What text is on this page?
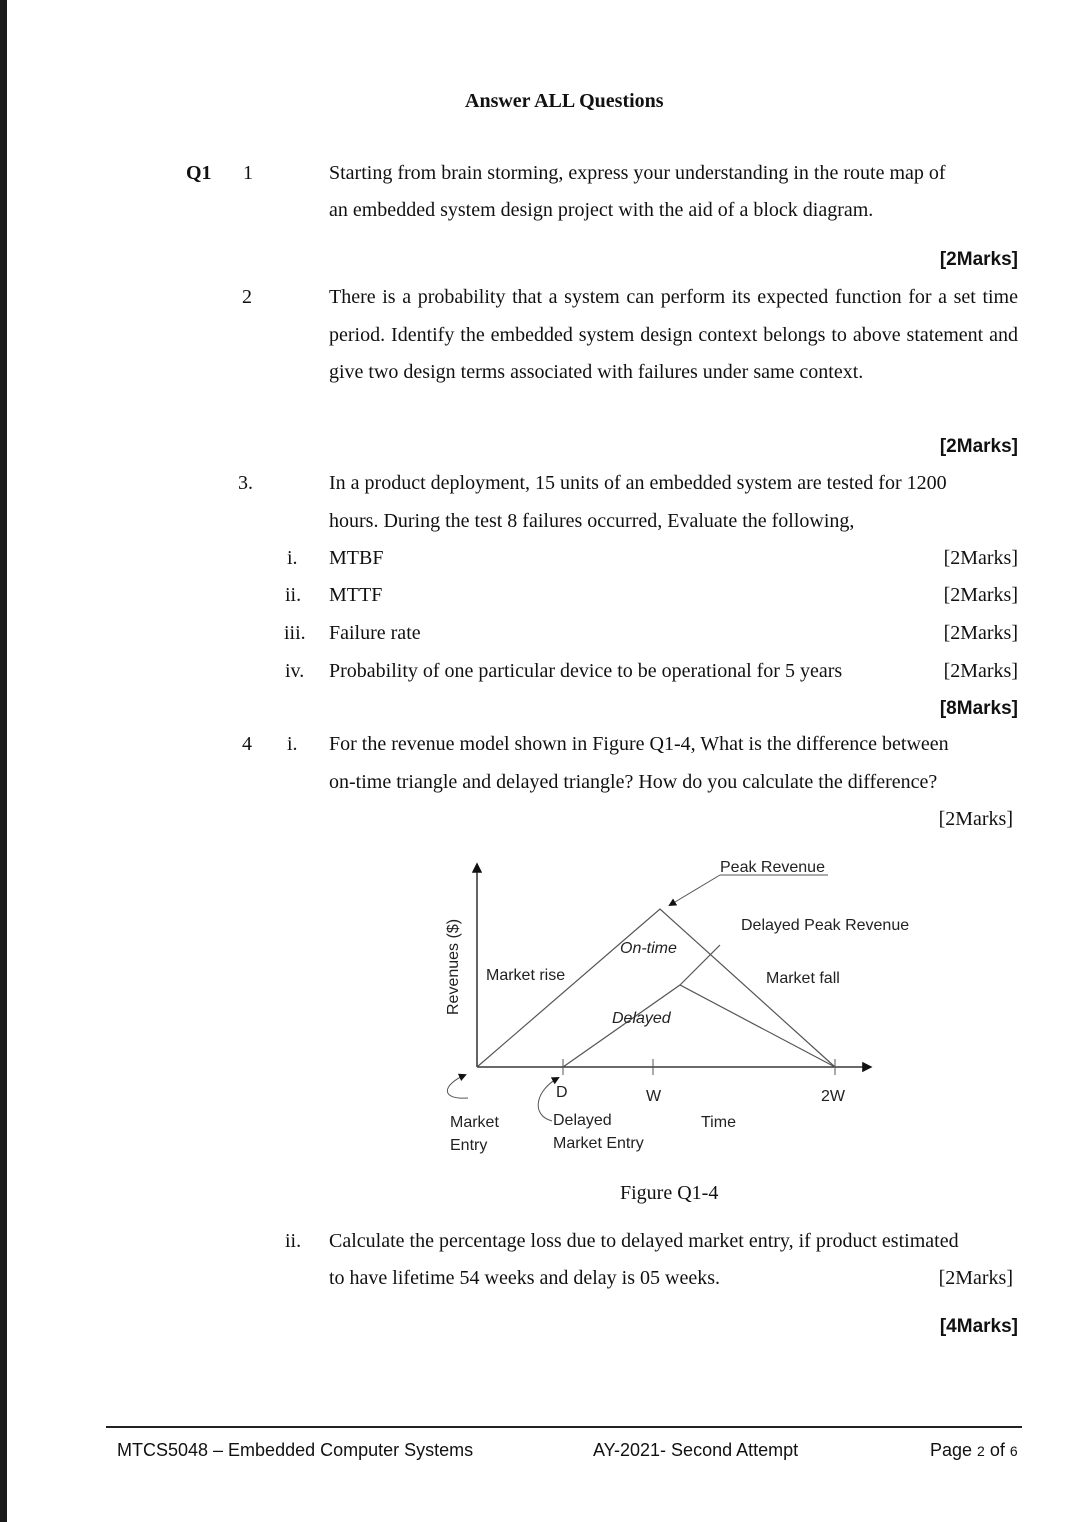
Answer ALL Questions
Q1 1	Starting from brain storming, express your understanding in the route map of
an embedded system design project with the aid of a block diagram.
[2Marks]
2	There is a probability that a system can perform its expected function for a set time period. Identify the embedded system design context belongs to above statement and give two design terms associated with failures under same context.
[2Marks]
3.	In a product deployment, 15 units of an embedded system are tested for 1200
hours. During the test 8 failures occurred, Evaluate the following,
i. MTBF	[2Marks]
ii. MTTF	[2Marks]
iii. Failure rate	[2Marks]
iv. Probability of one particular device to be operational for 5 years	[2Marks]
[8Marks]
4 i. For the revenue model shown in Figure Q1-4, What is the difference between
on-time triangle and delayed triangle? How do you calculate the difference?
[2Marks]
Peak Revenue
Delayed Peak Revenue
On-time
Market rise	Market fall
Delayed
Revenues ($)
D	W	2W
Market
Entry
Delayed
Market Entry
Time
Figure Q1-4
ii. Calculate the percentage loss due to delayed market entry, if product estimated
to have lifetime 54 weeks and delay is 05 weeks.	[2Marks]
[4Marks]
MTCS5048 – Embedded Computer Systems	AY-2021- Second Attempt	Page 2 of 6
